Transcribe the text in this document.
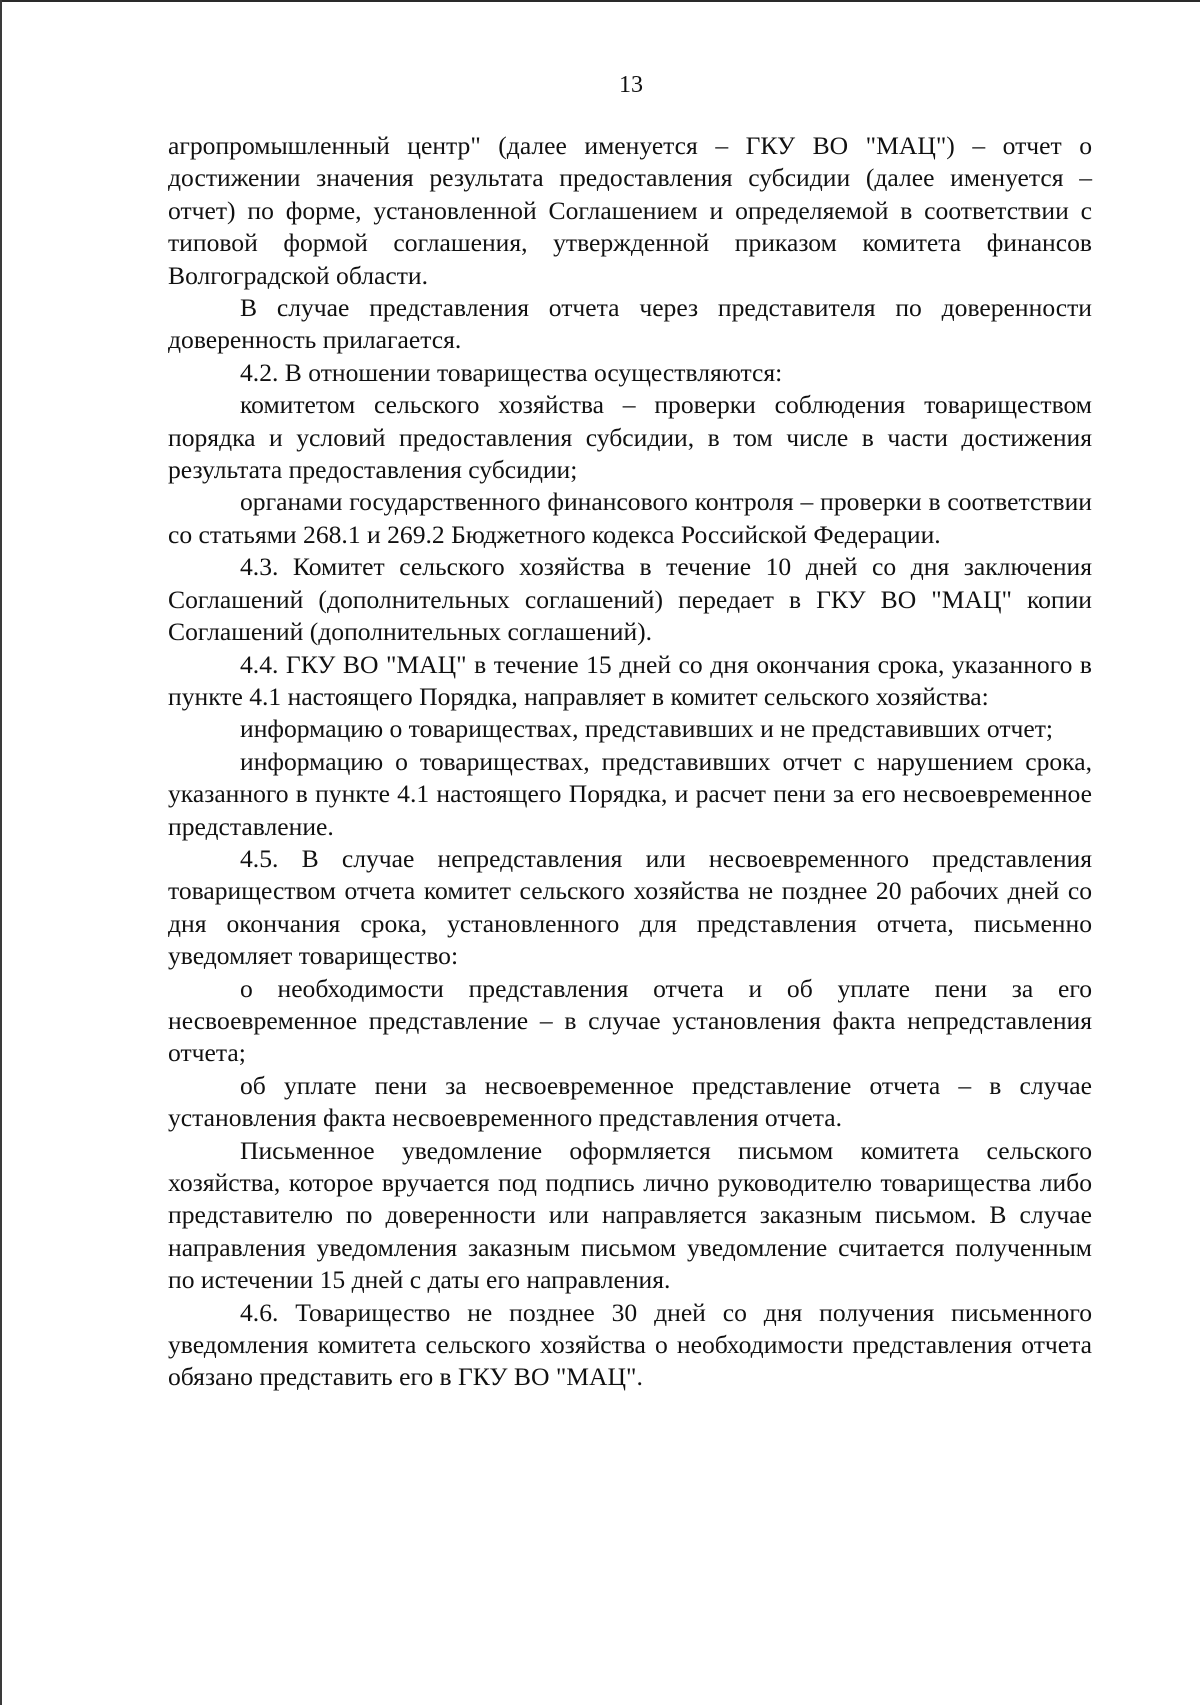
13

агропромышленный центр" (далее именуется – ГКУ ВО "МАЦ") – отчет о достижении значения результата предоставления субсидии (далее именуется – отчет) по форме, установленной Соглашением и определяемой в соответствии с типовой формой соглашения, утвержденной приказом комитета финансов Волгоградской области.

В случае представления отчета через представителя по доверенности доверенность прилагается.

4.2. В отношении товарищества осуществляются:

комитетом сельского хозяйства – проверки соблюдения товариществом порядка и условий предоставления субсидии, в том числе в части достижения результата предоставления субсидии;

органами государственного финансового контроля – проверки в соответствии со статьями 268.1 и 269.2 Бюджетного кодекса Российской Федерации.

4.3. Комитет сельского хозяйства в течение 10 дней со дня заключения Соглашений (дополнительных соглашений) передает в ГКУ ВО "МАЦ" копии Соглашений (дополнительных соглашений).

4.4. ГКУ ВО "МАЦ" в течение 15 дней со дня окончания срока, указанного в пункте 4.1 настоящего Порядка, направляет в комитет сельского хозяйства:

информацию о товариществах, представивших и не представивших отчет;

информацию о товариществах, представивших отчет с нарушением срока, указанного в пункте 4.1 настоящего Порядка, и расчет пени за его несвоевременное представление.

4.5. В случае непредставления или несвоевременного представления товариществом отчета комитет сельского хозяйства не позднее 20 рабочих дней со дня окончания срока, установленного для представления отчета, письменно уведомляет товарищество:

о необходимости представления отчета и об уплате пени за его несвоевременное представление – в случае установления факта непредставления отчета;

об уплате пени за несвоевременное представление отчета – в случае установления факта несвоевременного представления отчета.

Письменное уведомление оформляется письмом комитета сельского хозяйства, которое вручается под подпись лично руководителю товарищества либо представителю по доверенности или направляется заказным письмом. В случае направления уведомления заказным письмом уведомление считается полученным по истечении 15 дней с даты его направления.

4.6. Товарищество не позднее 30 дней со дня получения письменного уведомления комитета сельского хозяйства о необходимости представления отчета обязано представить его в ГКУ ВО "МАЦ".
